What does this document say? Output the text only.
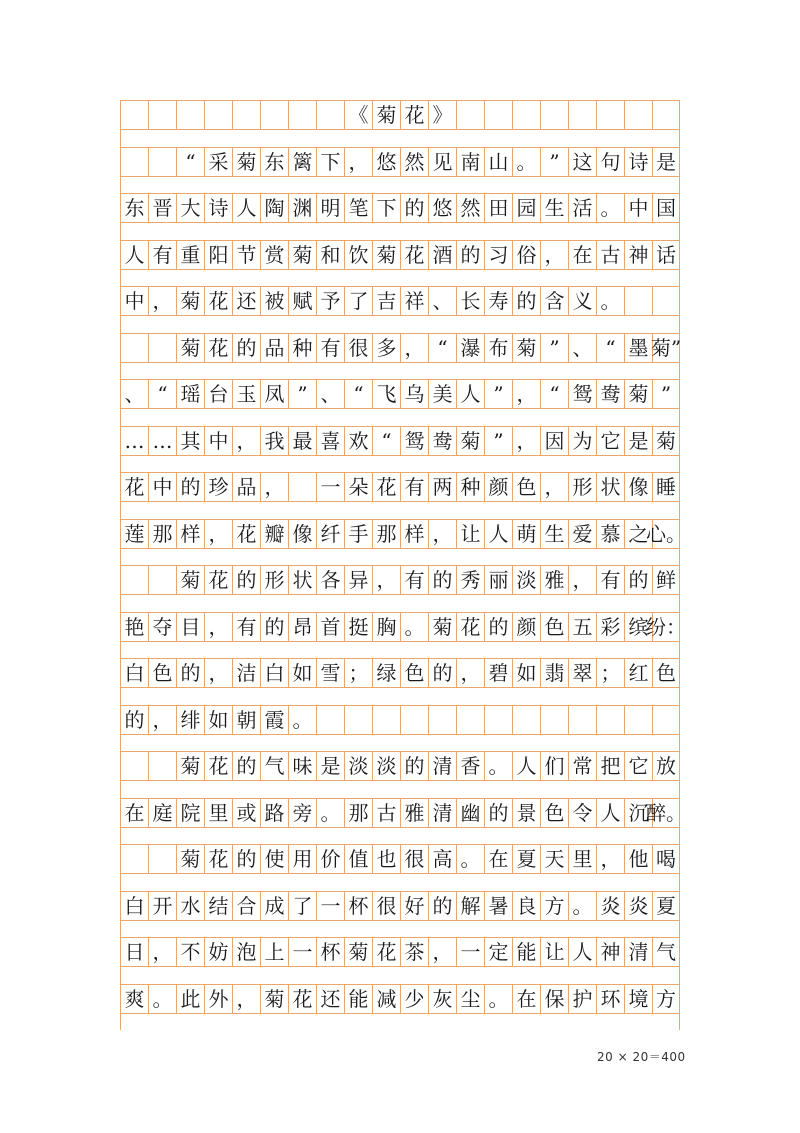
《 菊 花 》
“ 采 菊 东 篱 下 ， 悠 然 见 南 山 。 ” 这 句 诗 是
东 晋 大 诗 人 陶 渊 明 笔 下 的 悠 然 田 园 生 活 。 中 国
人 有 重 阳 节 赏 菊 和 饮 菊 花 酒 的 习 俗 ， 在 古 神 话
中 ， 菊 花 还 被 赋 予 了 吉 祥 、 长 寿 的 含 义 。
菊 花 的 品 种 有 很 多 ， “ 瀑 布 菊 ” 、 “ 墨 菊”
、 “ 瑶 台 玉 凤 ” 、 “ 飞 乌 美 人 ” ， “ 鸳 鸯 菊 ”
… … 其 中 ， 我 最 喜 欢 “ 鸳 鸯 菊 ” ， 因 为 它 是 菊
花 中 的 珍 品 ， 一 朵 花 有 两 种 颜 色 ， 形 状 像 睡
莲 那 样 ， 花 瓣 像 纤 手 那 样 ， 让 人 萌 生 爱 慕 之
心。
菊 花 的 形 状 各 异 ， 有 的 秀 丽 淡 雅 ， 有 的 鲜
艳 夺 目 ， 有 的 昂 首 挺 胸 。 菊 花 的 颜 色 五 彩 缤
纷：
白 色 的 ， 洁 白 如 雪 ； 绿 色 的 ， 碧 如 翡 翠 ； 红 色
的 ， 绯 如 朝 霞 。
菊 花 的 气 味 是 淡 淡 的 清 香 。 人 们 常 把 它 放
在 庭 院 里 或 路 旁 。 那 古 雅 清 幽 的 景 色 令 人 沉
醉。
菊 花 的 使 用 价 值 也 很 高 。 在 夏 天 里 ， 他 喝
白 开 水 结 合 成 了 一 杯 很 好 的 解 暑 良 方 。 炎 炎 夏
日 ， 不 妨 泡 上 一 杯 菊 花 茶 ， 一 定 能 让 人 神 清 气
爽 。 此 外 ， 菊 花 还 能 减 少 灰 尘 。 在 保 护 环 境 方
20 × 20＝400
